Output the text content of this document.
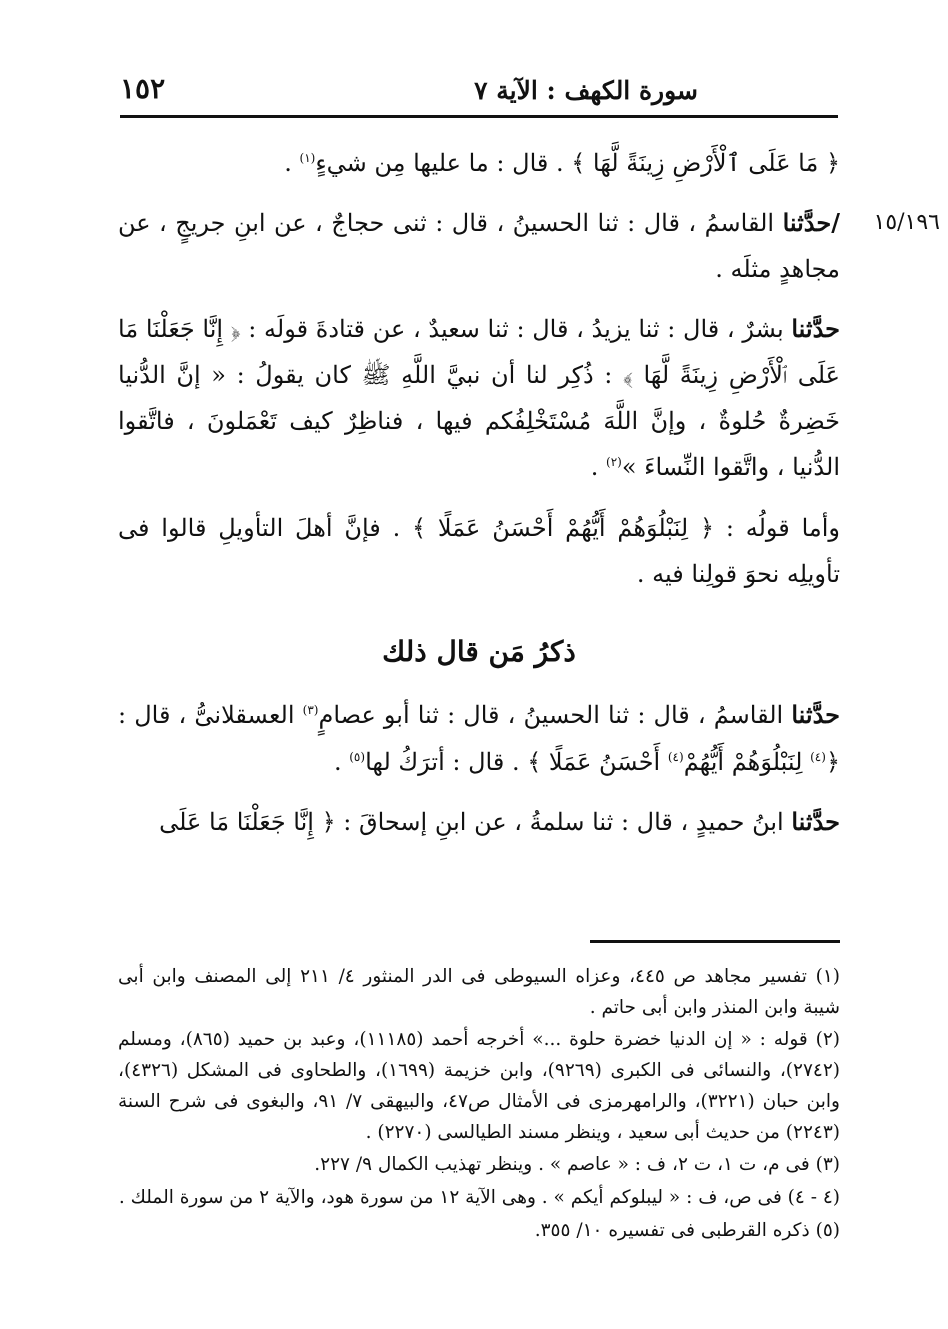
سورة الكهف : الآية ٧
١٥٢

﴿ مَا عَلَى ٱلْأَرْضِ زِينَةً لَّهَا ﴾ . قال : ما عليها مِن شيءٍ$^{(١)}$ .

١٥/١٩٦
/حدَّثنا القاسمُ ، قال : ثنا الحسينُ ، قال : ثنى حجاجٌ ، عن ابنِ جريجٍ ، عن مجاهدٍ مثلَه .

حدَّثنا بشرٌ ، قال : ثنا يزيدُ ، قال : ثنا سعيدٌ ، عن قتادةَ قولَه : ﴿ إِنَّا جَعَلْنَا مَا عَلَى ٱلْأَرْضِ زِينَةً لَّهَا ﴾ : ذُكِر لنا أن نبيَّ اللَّهِ ﷺ كان يقولُ : « إنَّ الدُّنيا خَضِرةٌ حُلوةٌ ، وإنَّ اللَّهَ مُسْتَخْلِفُكم فيها ، فناظِرٌ كيف تَعْمَلونَ ، فاتَّقوا الدُّنيا ، واتَّقوا النِّساءَ »$^{(٢)}$ .

وأما قولُه : ﴿ لِنَبْلُوَهُمْ أَيُّهُمْ أَحْسَنُ عَمَلًا ﴾ . فإنَّ أهلَ التأويلِ قالوا فى تأويلِه نحوَ قولِنا فيه .

ذكرُ مَن قال ذلك

حدَّثنا القاسمُ ، قال : ثنا الحسينُ ، قال : ثنا أبو عصامٍ$^{(٣)}$ العسقلانىُّ ، قال : ﴿$^{(٤)}$ لِنَبْلُوَهُمْ أَيُّهُمْ$^{(٤)}$ أَحْسَنُ عَمَلًا ﴾ . قال : أترَكُ لها$^{(٥)}$ .

حدَّثنا ابنُ حميدٍ ، قال : ثنا سلمةُ ، عن ابنِ إسحاقَ : ﴿ إِنَّا جَعَلْنَا مَا عَلَى

(١) تفسير مجاهد ص ٤٤٥، وعزاه السيوطى فى الدر المنثور ٤/ ٢١١ إلى المصنف وابن أبى شيبة وابن المنذر وابن أبى حاتم .

(٢) قوله : « إن الدنيا خضرة حلوة ...» أخرجه أحمد (١١١٨٥)، وعبد بن حميد (٨٦٥)، ومسلم (٢٧٤٢)، والنسائى فى الكبرى (٩٢٦٩)، وابن خزيمة (١٦٩٩)، والطحاوى فى المشكل (٤٣٢٦)، وابن حبان (٣٢٢١)، والرامهرمزى فى الأمثال ص٤٧، والبيهقى ٧/ ٩١، والبغوى فى شرح السنة (٢٢٤٣) من حديث أبى سعيد ، وينظر مسند الطيالسى (٢٢٧٠) .

(٣) فى م، ت ١، ت ٢، ف : « عاصم » . وينظر تهذيب الكمال ٩/ ٢٢٧.

(٤ - ٤) فى ص، ف : « ليبلوكم أيكم » . وهى الآية ١٢ من سورة هود، والآية ٢ من سورة الملك .

(٥) ذكره القرطبى فى تفسيره ١٠/ ٣٥٥.
